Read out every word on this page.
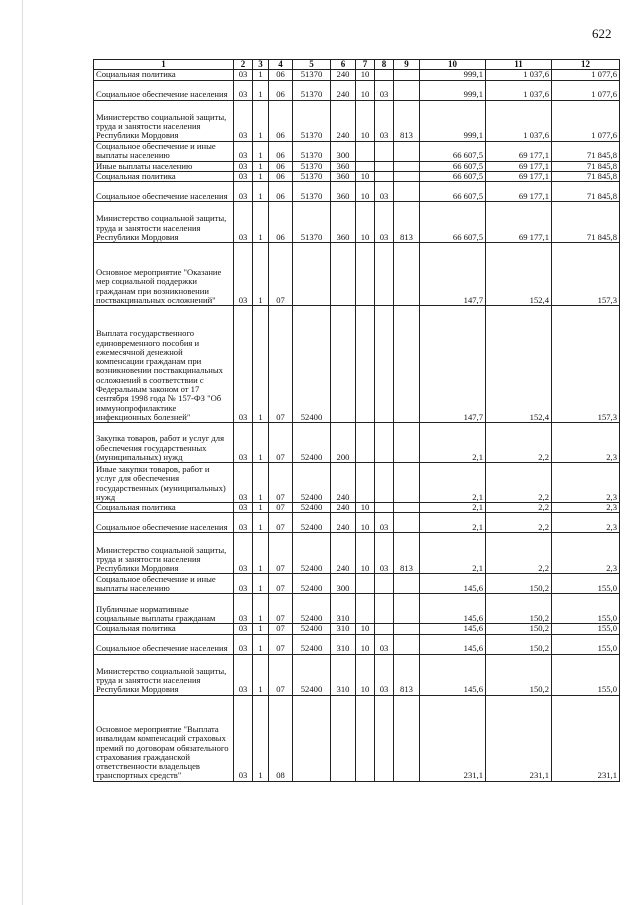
622
1	2	3	4	5	6	7	8	9	10	11	12
Социальная политика	03	1	06	51370	240	10			999,1	1 037,6	1 077,6
Социальное обеспечение населения	03	1	06	51370	240	10	03		999,1	1 037,6	1 077,6
Министерство социальной защиты, труда и занятости населения Республики Мордовия	03	1	06	51370	240	10	03	813	999,1	1 037,6	1 077,6
Социальное обеспечение и иные выплаты населению	03	1	06	51370	300				66 607,5	69 177,1	71 845,8
Иные выплаты населению	03	1	06	51370	360				66 607,5	69 177,1	71 845,8
Социальная политика	03	1	06	51370	360	10			66 607,5	69 177,1	71 845,8
Социальное обеспечение населения	03	1	06	51370	360	10	03		66 607,5	69 177,1	71 845,8
Министерство социальной защиты, труда и занятости населения Республики Мордовия	03	1	06	51370	360	10	03	813	66 607,5	69 177,1	71 845,8
Основное мероприятие "Оказание мер социальной поддержки гражданам при возникновении поствакцинальных осложнений"	03	1	07						147,7	152,4	157,3
Выплата государственного единовременного пособия и ежемесячной денежной компенсации гражданам при возникновении поствакцинальных осложнений в соответствии с Федеральным законом от 17 сентября 1998 года № 157-ФЗ "Об иммунопрофилактике инфекционных болезней"	03	1	07	52400					147,7	152,4	157,3
Закупка товаров, работ и услуг для обеспечения государственных (муниципальных) нужд	03	1	07	52400	200				2,1	2,2	2,3
Иные закупки товаров, работ и услуг для обеспечения государственных (муниципальных) нужд	03	1	07	52400	240				2,1	2,2	2,3
Социальная политика	03	1	07	52400	240	10			2,1	2,2	2,3
Социальное обеспечение населения	03	1	07	52400	240	10	03		2,1	2,2	2,3
Министерство социальной защиты, труда и занятости населения Республики Мордовия	03	1	07	52400	240	10	03	813	2,1	2,2	2,3
Социальное обеспечение и иные выплаты населению	03	1	07	52400	300				145,6	150,2	155,0
Публичные нормативные социальные выплаты гражданам	03	1	07	52400	310				145,6	150,2	155,0
Социальная политика	03	1	07	52400	310	10			145,6	150,2	155,0
Социальное обеспечение населения	03	1	07	52400	310	10	03		145,6	150,2	155,0
Министерство социальной защиты, труда и занятости населения Республики Мордовия	03	1	07	52400	310	10	03	813	145,6	150,2	155,0
Основное мероприятие "Выплата инвалидам компенсаций страховых премий по договорам обязательного страхования гражданской ответственности владельцев транспортных средств"	03	1	08						231,1	231,1	231,1
